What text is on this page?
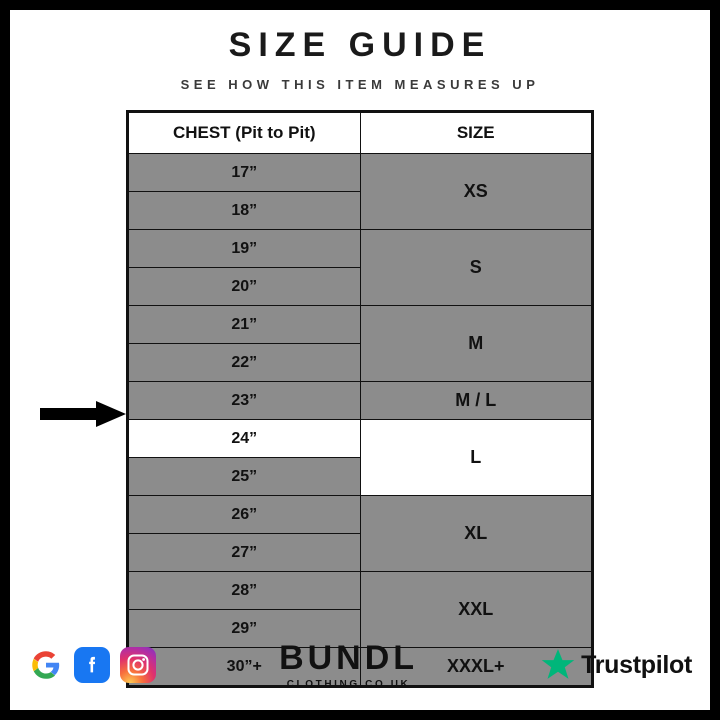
SIZE GUIDE
SEE HOW THIS ITEM MEASURES UP
CHEST (Pit to Pit)	SIZE
17”	XS
18”	
19”	S
20”	
21”	M
22”	
23”	M / L
24”	L
25”	
26”	XL
27”	
28”	XXL
29”	
30”+	XXXL+
BUNDL
CLOTHING.CO.UK
Trustpilot
